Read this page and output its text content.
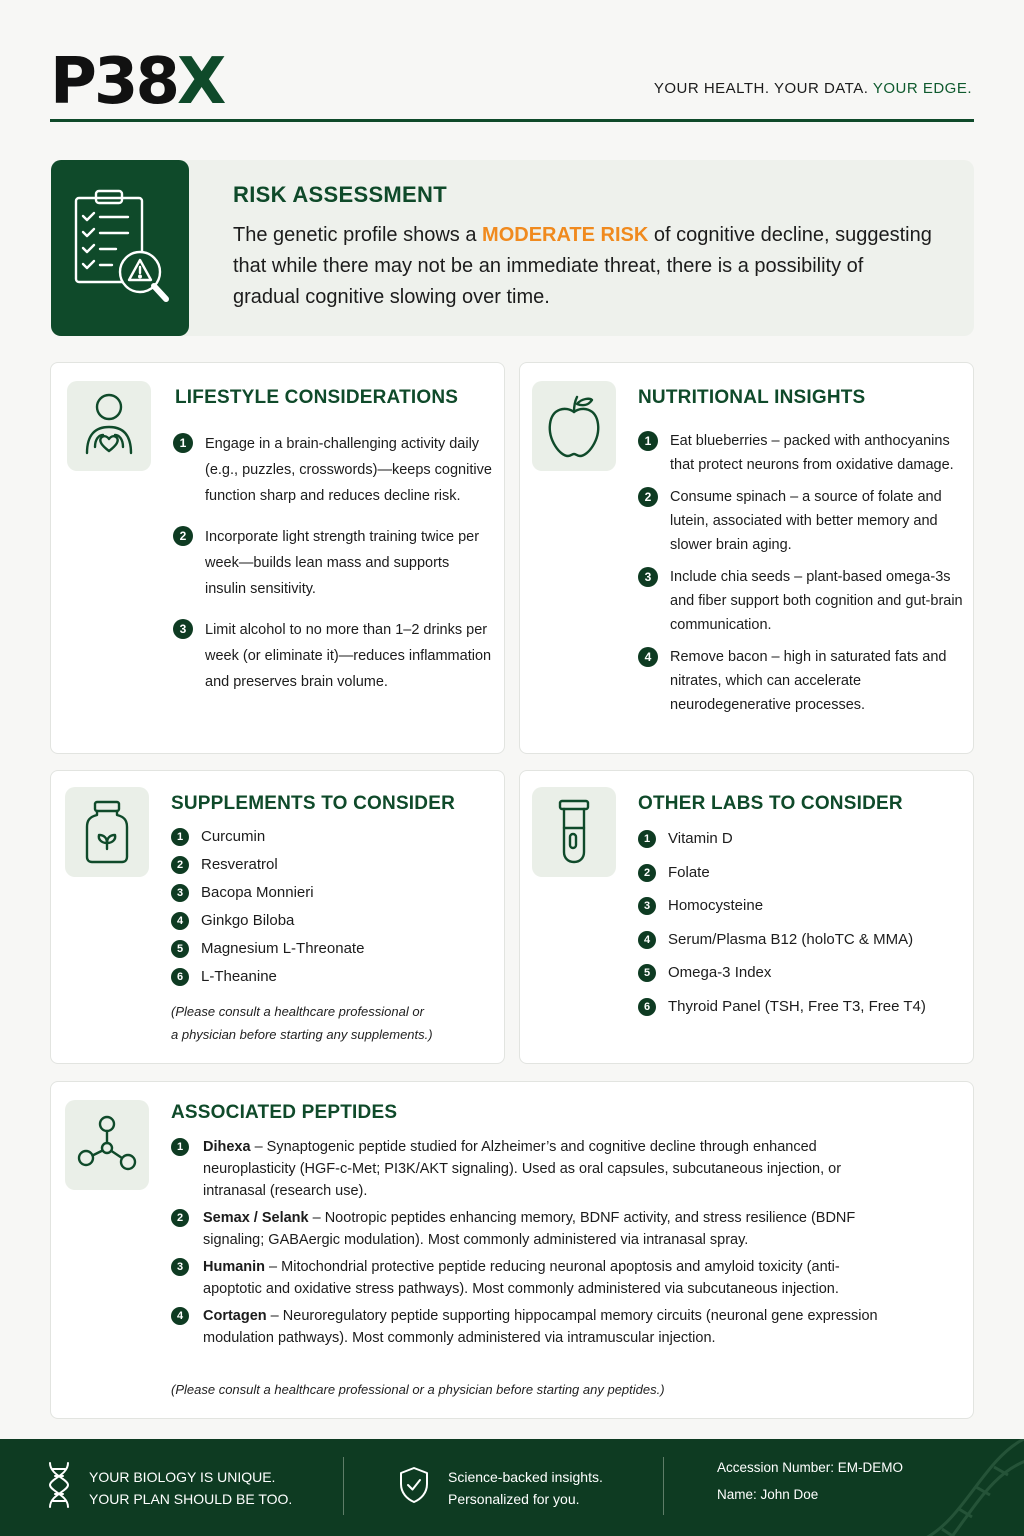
P38X	YOUR HEALTH. YOUR DATA. YOUR EDGE.
RISK ASSESSMENT
The genetic profile shows a MODERATE RISK of cognitive decline, suggesting that while there may not be an immediate threat, there is a possibility of gradual cognitive slowing over time.
LIFESTYLE CONSIDERATIONS
1	Engage in a brain-challenging activity daily (e.g., puzzles, crosswords)—keeps cognitive function sharp and reduces decline risk.
2	Incorporate light strength training twice per week—builds lean mass and supports insulin sensitivity.
3	Limit alcohol to no more than 1–2 drinks per week (or eliminate it)—reduces inflammation and preserves brain volume.
NUTRITIONAL INSIGHTS
1	Eat blueberries – packed with anthocyanins that protect neurons from oxidative damage.
2	Consume spinach – a source of folate and lutein, associated with better memory and slower brain aging.
3	Include chia seeds – plant-based omega-3s and fiber support both cognition and gut-brain communication.
4	Remove bacon – high in saturated fats and nitrates, which can accelerate neurodegenerative processes.
SUPPLEMENTS TO CONSIDER
1	Curcumin
2	Resveratrol
3	Bacopa Monnieri
4	Ginkgo Biloba
5	Magnesium L-Threonate
6	L-Theanine
(Please consult a healthcare professional or
a physician before starting any supplements.)
OTHER LABS TO CONSIDER
1	Vitamin D
2	Folate
3	Homocysteine
4	Serum/Plasma B12 (holoTC & MMA)
5	Omega-3 Index
6	Thyroid Panel (TSH, Free T3, Free T4)
ASSOCIATED PEPTIDES
1	Dihexa – Synaptogenic peptide studied for Alzheimer’s and cognitive decline through enhanced neuroplasticity (HGF-c-Met; PI3K/AKT signaling). Used as oral capsules, subcutaneous injection, or intranasal (research use).
2	Semax / Selank – Nootropic peptides enhancing memory, BDNF activity, and stress resilience (BDNF signaling; GABAergic modulation). Most commonly administered via intranasal spray.
3	Humanin – Mitochondrial protective peptide reducing neuronal apoptosis and amyloid toxicity (anti-apoptotic and oxidative stress pathways). Most commonly administered via subcutaneous injection.
4	Cortagen – Neuroregulatory peptide supporting hippocampal memory circuits (neuronal gene expression modulation pathways). Most commonly administered via intramuscular injection.
(Please consult a healthcare professional or a physician before starting any peptides.)
YOUR BIOLOGY IS UNIQUE.
YOUR PLAN SHOULD BE TOO.
Science-backed insights.
Personalized for you.
Accession Number: EM-DEMO
Name: John Doe
